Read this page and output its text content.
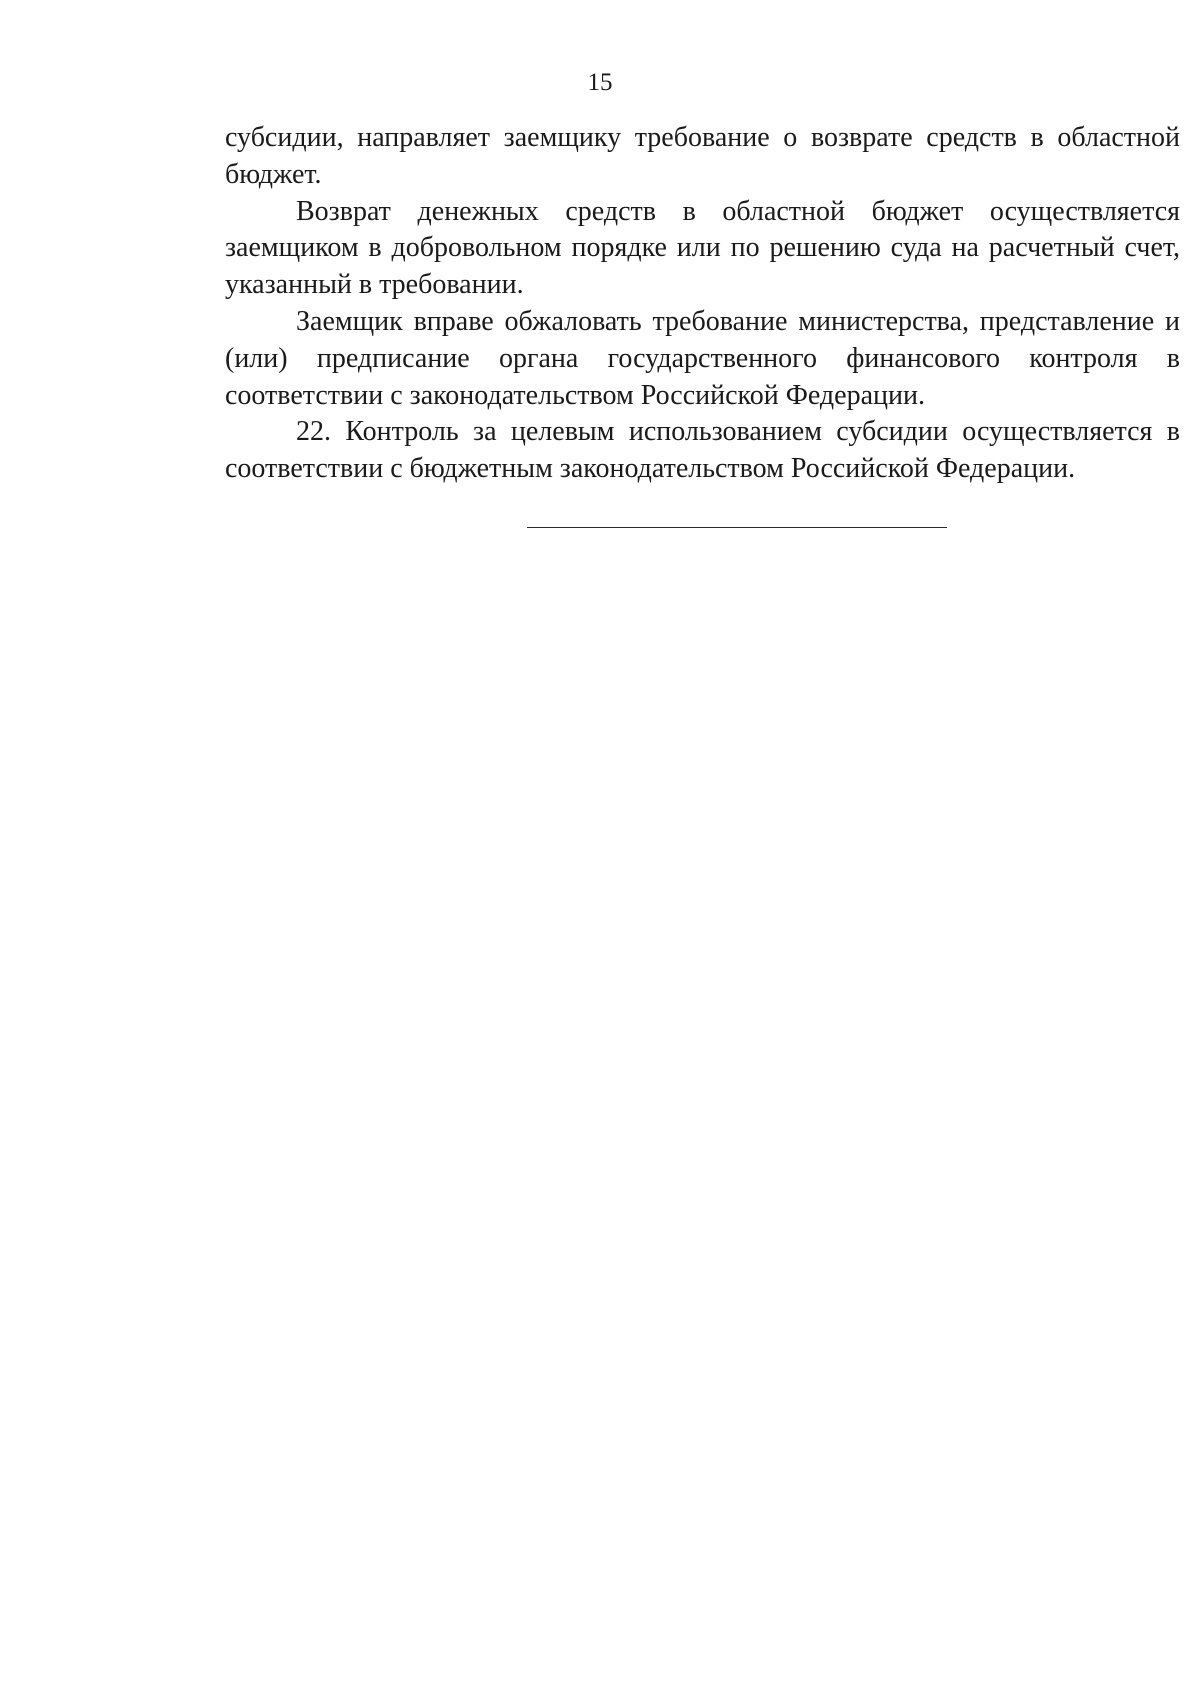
15

субсидии, направляет заемщику требование о возврате средств в областной бюджет.

Возврат денежных средств в областной бюджет осуществляется заемщиком в добровольном порядке или по решению суда на расчетный счет, указанный в требовании.

Заемщик вправе обжаловать требование министерства, представление и (или) предписание органа государственного финансового контроля в соответствии с законодательством Российской Федерации.

22. Контроль за целевым использованием субсидии осуществляется в соответствии с бюджетным законодательством Российской Федерации.
